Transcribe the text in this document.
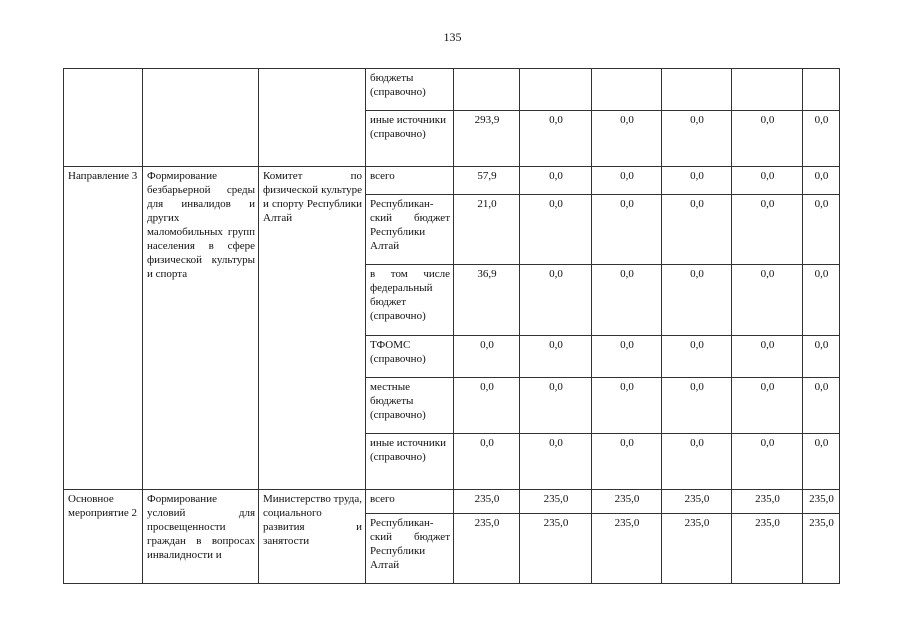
135
			бюджеты (справочно)						
			иные источники (справочно)	293,9	0,0	0,0	0,0	0,0	0,0
Направление 3	Формирование безбарьерной среды для инвалидов и других маломобильных групп населения в сфере физической культуры и спорта	Комитет по физической культуре и спорту Республики Алтай	всего	57,9	0,0	0,0	0,0	0,0	0,0
			Республикан-ский бюджет Республики Алтай	21,0	0,0	0,0	0,0	0,0	0,0
			в том числе федеральный бюджет (справочно)	36,9	0,0	0,0	0,0	0,0	0,0
			ТФОМС (справочно)	0,0	0,0	0,0	0,0	0,0	0,0
			местные бюджеты (справочно)	0,0	0,0	0,0	0,0	0,0	0,0
			иные источники (справочно)	0,0	0,0	0,0	0,0	0,0	0,0
Основное мероприятие 2	Формирование условий для просвещенности граждан в вопросах инвалидности и	Министерство труда, социального развития и занятости	всего	235,0	235,0	235,0	235,0	235,0	235,0
			Республикан-ский бюджет Республики Алтай	235,0	235,0	235,0	235,0	235,0	235,0
